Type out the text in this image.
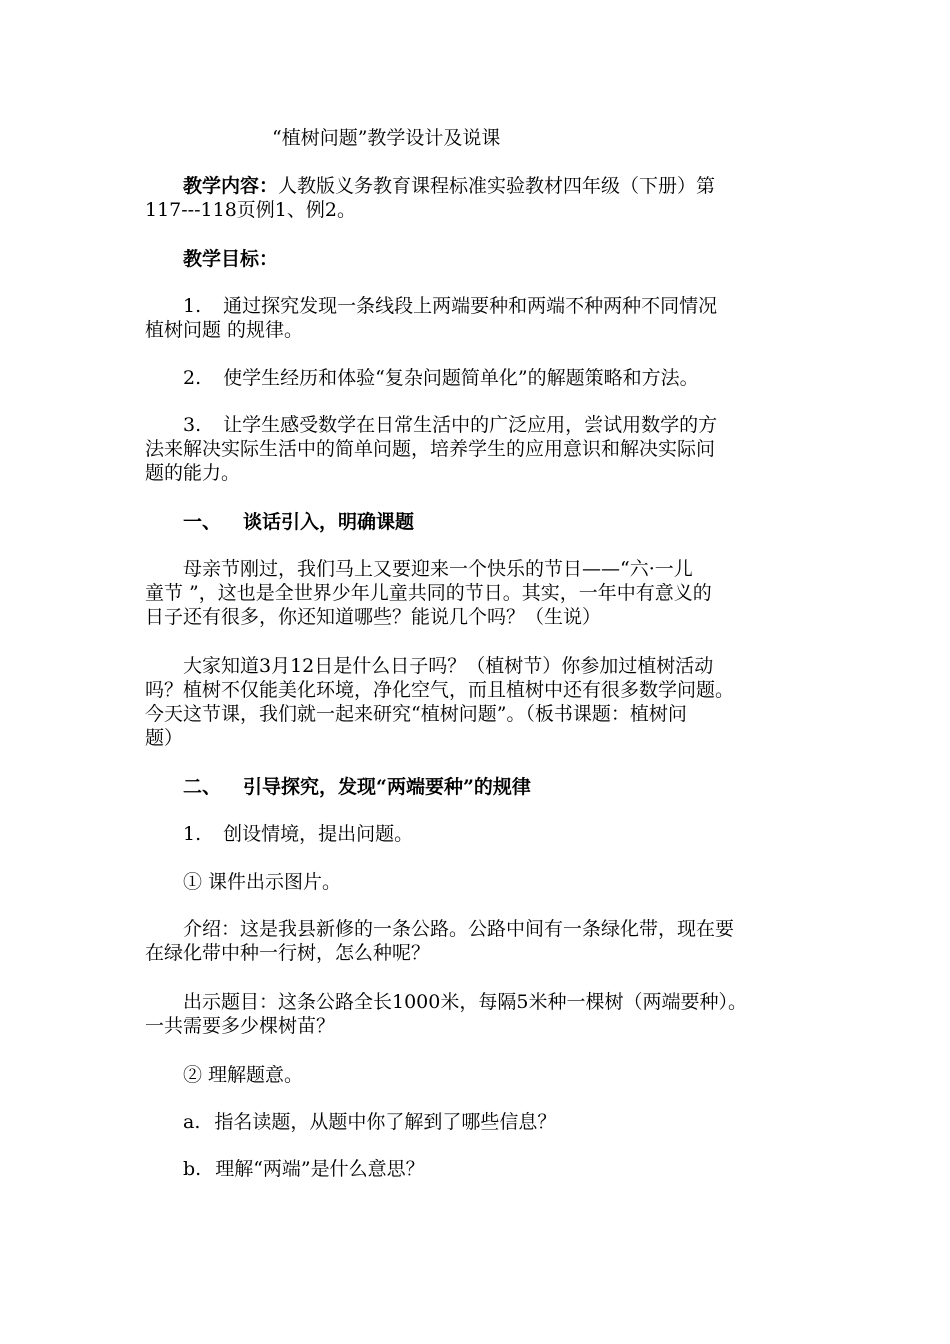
“植树问题”教学设计及说课
教学内容：人教版义务教育课程标准实验教材四年级（下册）第
117---118页例1、例2。
教学目标：
1. 通过探究发现一条线段上两端要种和两端不种两种不同情况
植树问题 的规律。
2. 使学生经历和体验“复杂问题简单化”的解题策略和方法。
3. 让学生感受数学在日常生活中的广泛应用，尝试用数学的方
法来解决实际生活中的简单问题，培养学生的应用意识和解决实际问
题的能力。
一、 谈话引入，明确课题
母亲节刚过，我们马上又要迎来一个快乐的节日——“六·一儿
童节 ”，这也是全世界少年儿童共同的节日。其实，一年中有意义的
日子还有很多，你还知道哪些？能说几个吗？（生说）
大家知道3月12日是什么日子吗？（植树节）你参加过植树活动
吗？植树不仅能美化环境，净化空气，而且植树中还有很多数学问题。
今天这节课，我们就一起来研究“植树问题”。（板书课题：植树问
题）
二、 引导探究，发现“两端要种”的规律
1. 创设情境，提出问题。
① 课件出示图片。
介绍：这是我县新修的一条公路。公路中间有一条绿化带，现在要
在绿化带中种一行树，怎么种呢？
出示题目：这条公路全长1000米，每隔5米种一棵树（两端要种）。
一共需要多少棵树苗？
② 理解题意。
a. 指名读题，从题中你了解到了哪些信息？
b. 理解“两端”是什么意思？
